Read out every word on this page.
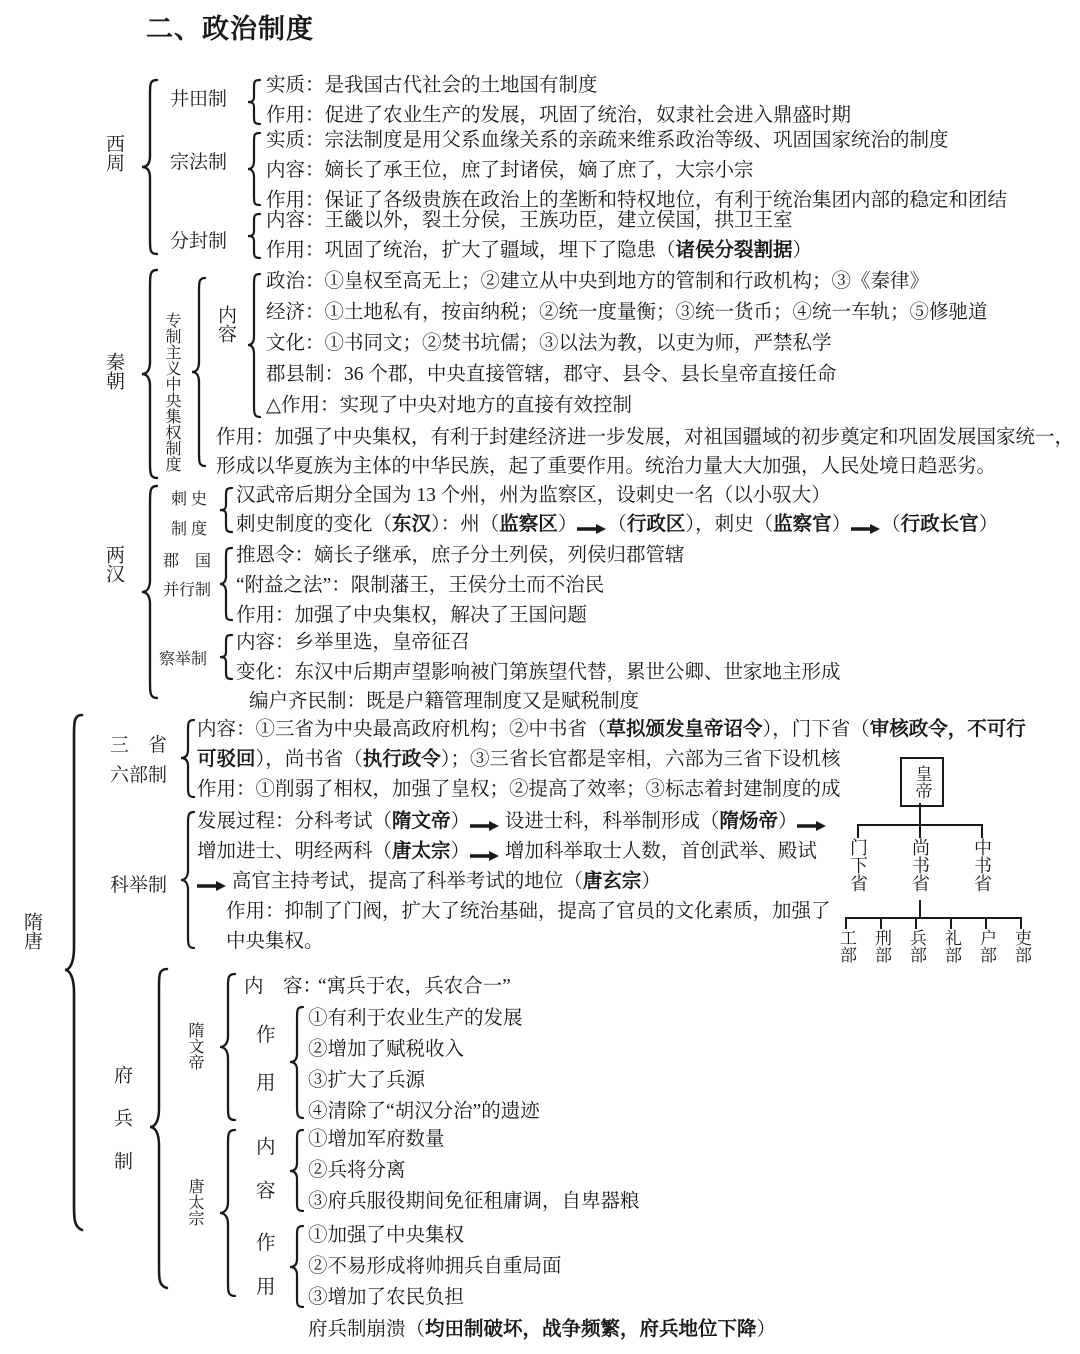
二、政治制度
西周
井田制
实质：是我国古代社会的土地国有制度
作用：促进了农业生产的发展，巩固了统治，奴隶社会进入鼎盛时期
宗法制
实质：宗法制度是用父系血缘关系的亲疏来维系政治等级、巩固国家统治的制度
内容：嫡长了承王位，庶了封诸侯，嫡了庶了，大宗小宗
作用：保证了各级贵族在政治上的垄断和特权地位，有利于统治集团内部的稳定和团结
分封制
内容：王畿以外，裂土分侯，王族功臣，建立侯国，拱卫王室
作用：巩固了统治，扩大了疆域，埋下了隐患（诸侯分裂割据）
秦朝 专制主义中央集权制度 内容
政治：①皇权至高无上；②建立从中央到地方的管制和行政机构；③《秦律》
经济：①土地私有，按亩纳税；②统一度量衡；③统一货币；④统一车轨；⑤修驰道
文化：①书同文；②焚书坑儒；③以法为教，以吏为师，严禁私学
郡县制：36 个郡，中央直接管辖，郡守、县令、县长皇帝直接任命
△作用：实现了中央对地方的直接有效控制
作用：加强了中央集权，有利于封建经济进一步发展，对祖国疆域的初步奠定和巩固发展国家统一，
形成以华夏族为主体的中华民族，起了重要作用。统治力量大大加强，人民处境日趋恶劣。
两汉
刺 史
制 度
汉武帝后期分全国为 13 个州，州为监察区，设刺史一名（以小驭大）
刺史制度的变化（东汉）：州（监察区） （行政区），刺史（监察官） （行政长官）
郡　国
并行制
推恩令：嫡长子继承，庶子分土列侯，列侯归郡管辖
“附益之法”：限制藩王，王侯分土而不治民
作用：加强了中央集权，解决了王国问题
察举制
内容：乡举里选，皇帝征召
变化：东汉中后期声望影响被门第族望代替，累世公卿、世家地主形成
编户齐民制：既是户籍管理制度又是赋税制度
隋唐
三　省
六部制
内容：①三省为中央最高政府机构；②中书省（草拟颁发皇帝诏令），门下省（审核政令，不可行
可驳回），尚书省（执行政令）；③三省长官都是宰相，六部为三省下设机核
作用：①削弱了相权，加强了皇权；②提高了效率；③标志着封建制度的成
科举制
发展过程：分科考试（隋文帝） 设进士科，科举制形成（隋炀帝）
增加进士、明经两科（唐太宗） 增加科举取士人数，首创武举、殿试
高官主持考试，提高了科举考试的地位（唐玄宗）
作用：抑制了门阀，扩大了统治基础，提高了官员的文化素质，加强了
中央集权。
皇帝
门下省 尚书省 中书省
工部 刑部 兵部 礼部 户部 吏部
府兵制
隋文帝
内　容：
“寓兵于农，兵农合一”
作
用
①有利于农业生产的发展
②增加了赋税收入
③扩大了兵源
④清除了“胡汉分治”的遗迹
唐太宗
内
容
①增加军府数量
②兵将分离
③府兵服役期间免征租庸调，自卑器粮
作
用
①加强了中央集权
②不易形成将帅拥兵自重局面
③增加了农民负担
府兵制崩溃（均田制破坏，战争频繁，府兵地位下降）
